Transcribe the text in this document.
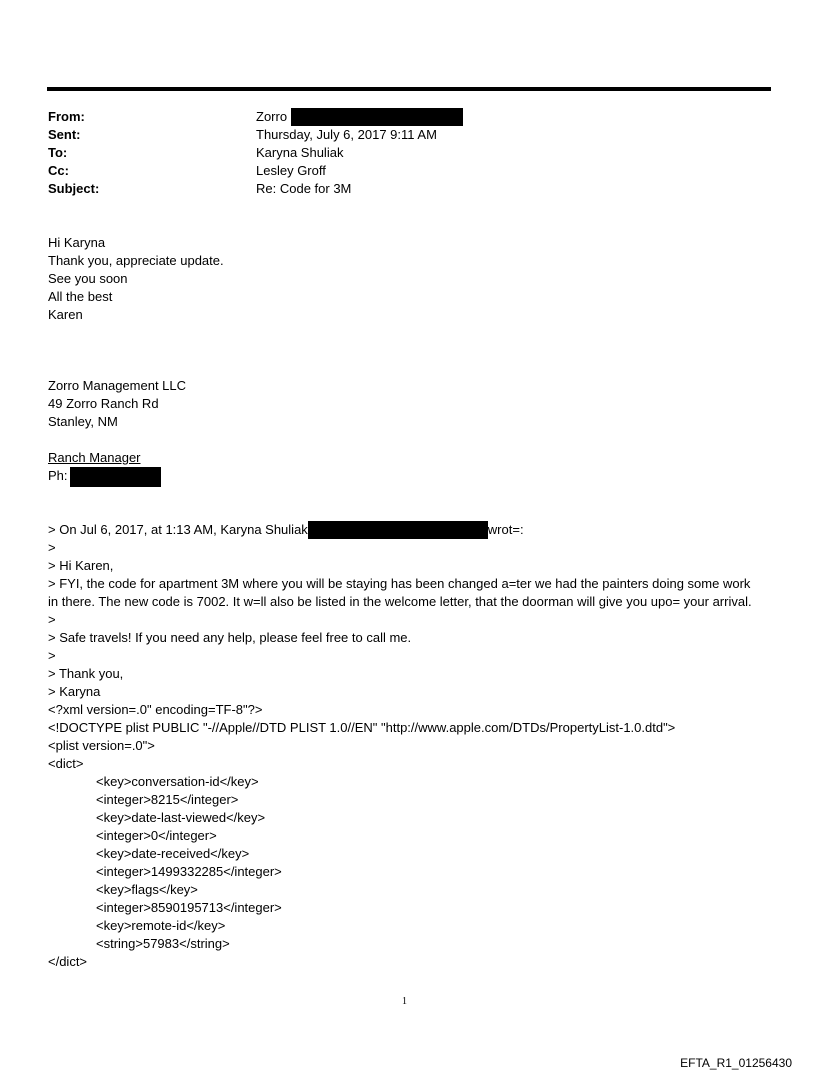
From:	Zorro
Sent:	Thursday, July 6, 2017 9:11 AM
To:	Karyna Shuliak
Cc:	Lesley Groff
Subject:	Re: Code for 3M
Hi Karyna
Thank you, appreciate update.
See you soon
All the best
Karen
Zorro Management LLC
49 Zorro Ranch Rd
Stanley, NM
Ranch Manager
Ph:
> On Jul 6, 2017, at 1:13 AM, Karyna Shuliak	wrot=:
>
> Hi Karen,
> FYI, the code for apartment 3M where you will be staying has been changed a=ter we had the painters doing some work in there. The new code is 7002. It w=ll also be listed in the welcome letter, that the doorman will give you upo= your arrival.
>
> Safe travels! If you need any help, please feel free to call me.
>
> Thank you,
> Karyna
<?xml version=.0" encoding=TF-8"?>
<!DOCTYPE plist PUBLIC "-//Apple//DTD PLIST 1.0//EN" "http://www.apple.com/DTDs/PropertyList-1.0.dtd">
<plist version=.0">
<dict>
<key>conversation-id</key>
<integer>8215</integer>
<key>date-last-viewed</key>
<integer>0</integer>
<key>date-received</key>
<integer>1499332285</integer>
<key>flags</key>
<integer>8590195713</integer>
<key>remote-id</key>
<string>57983</string>
</dict>
1
EFTA_R1_01256430
